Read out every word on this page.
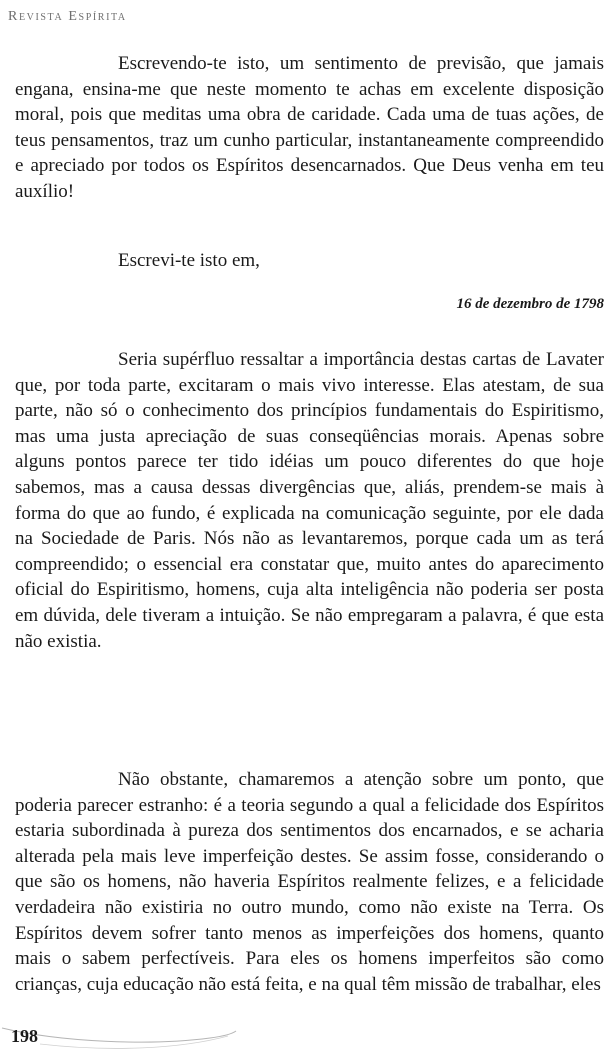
Revista Espírita

Escrevendo-te isto, um sentimento de previsão, que jamais engana, ensina-me que neste momento te achas em excelente disposição moral, pois que meditas uma obra de caridade. Cada uma de tuas ações, de teus pensamentos, traz um cunho particular, instantaneamente compreendido e apreciado por todos os Espíritos desencarnados. Que Deus venha em teu auxílio!

Escrevi-te isto em,

16 de dezembro de 1798

Seria supérfluo ressaltar a importância destas cartas de Lavater que, por toda parte, excitaram o mais vivo interesse. Elas atestam, de sua parte, não só o conhecimento dos princípios fundamentais do Espiritismo, mas uma justa apreciação de suas conseqüências morais. Apenas sobre alguns pontos parece ter tido idéias um pouco diferentes do que hoje sabemos, mas a causa dessas divergências que, aliás, prendem-se mais à forma do que ao fundo, é explicada na comunicação seguinte, por ele dada na Sociedade de Paris. Nós não as levantaremos, porque cada um as terá compreendido; o essencial era constatar que, muito antes do aparecimento oficial do Espiritismo, homens, cuja alta inteligência não poderia ser posta em dúvida, dele tiveram a intuição. Se não empregaram a palavra, é que esta não existia.

Não obstante, chamaremos a atenção sobre um ponto, que poderia parecer estranho: é a teoria segundo a qual a felicidade dos Espíritos estaria subordinada à pureza dos sentimentos dos encarnados, e se acharia alterada pela mais leve imperfeição destes. Se assim fosse, considerando o que são os homens, não haveria Espíritos realmente felizes, e a felicidade verdadeira não existiria no outro mundo, como não existe na Terra. Os Espíritos devem sofrer tanto menos as imperfeições dos homens, quanto mais o sabem perfectíveis. Para eles os homens imperfeitos são como crianças, cuja educação não está feita, e na qual têm missão de trabalhar, eles

198
